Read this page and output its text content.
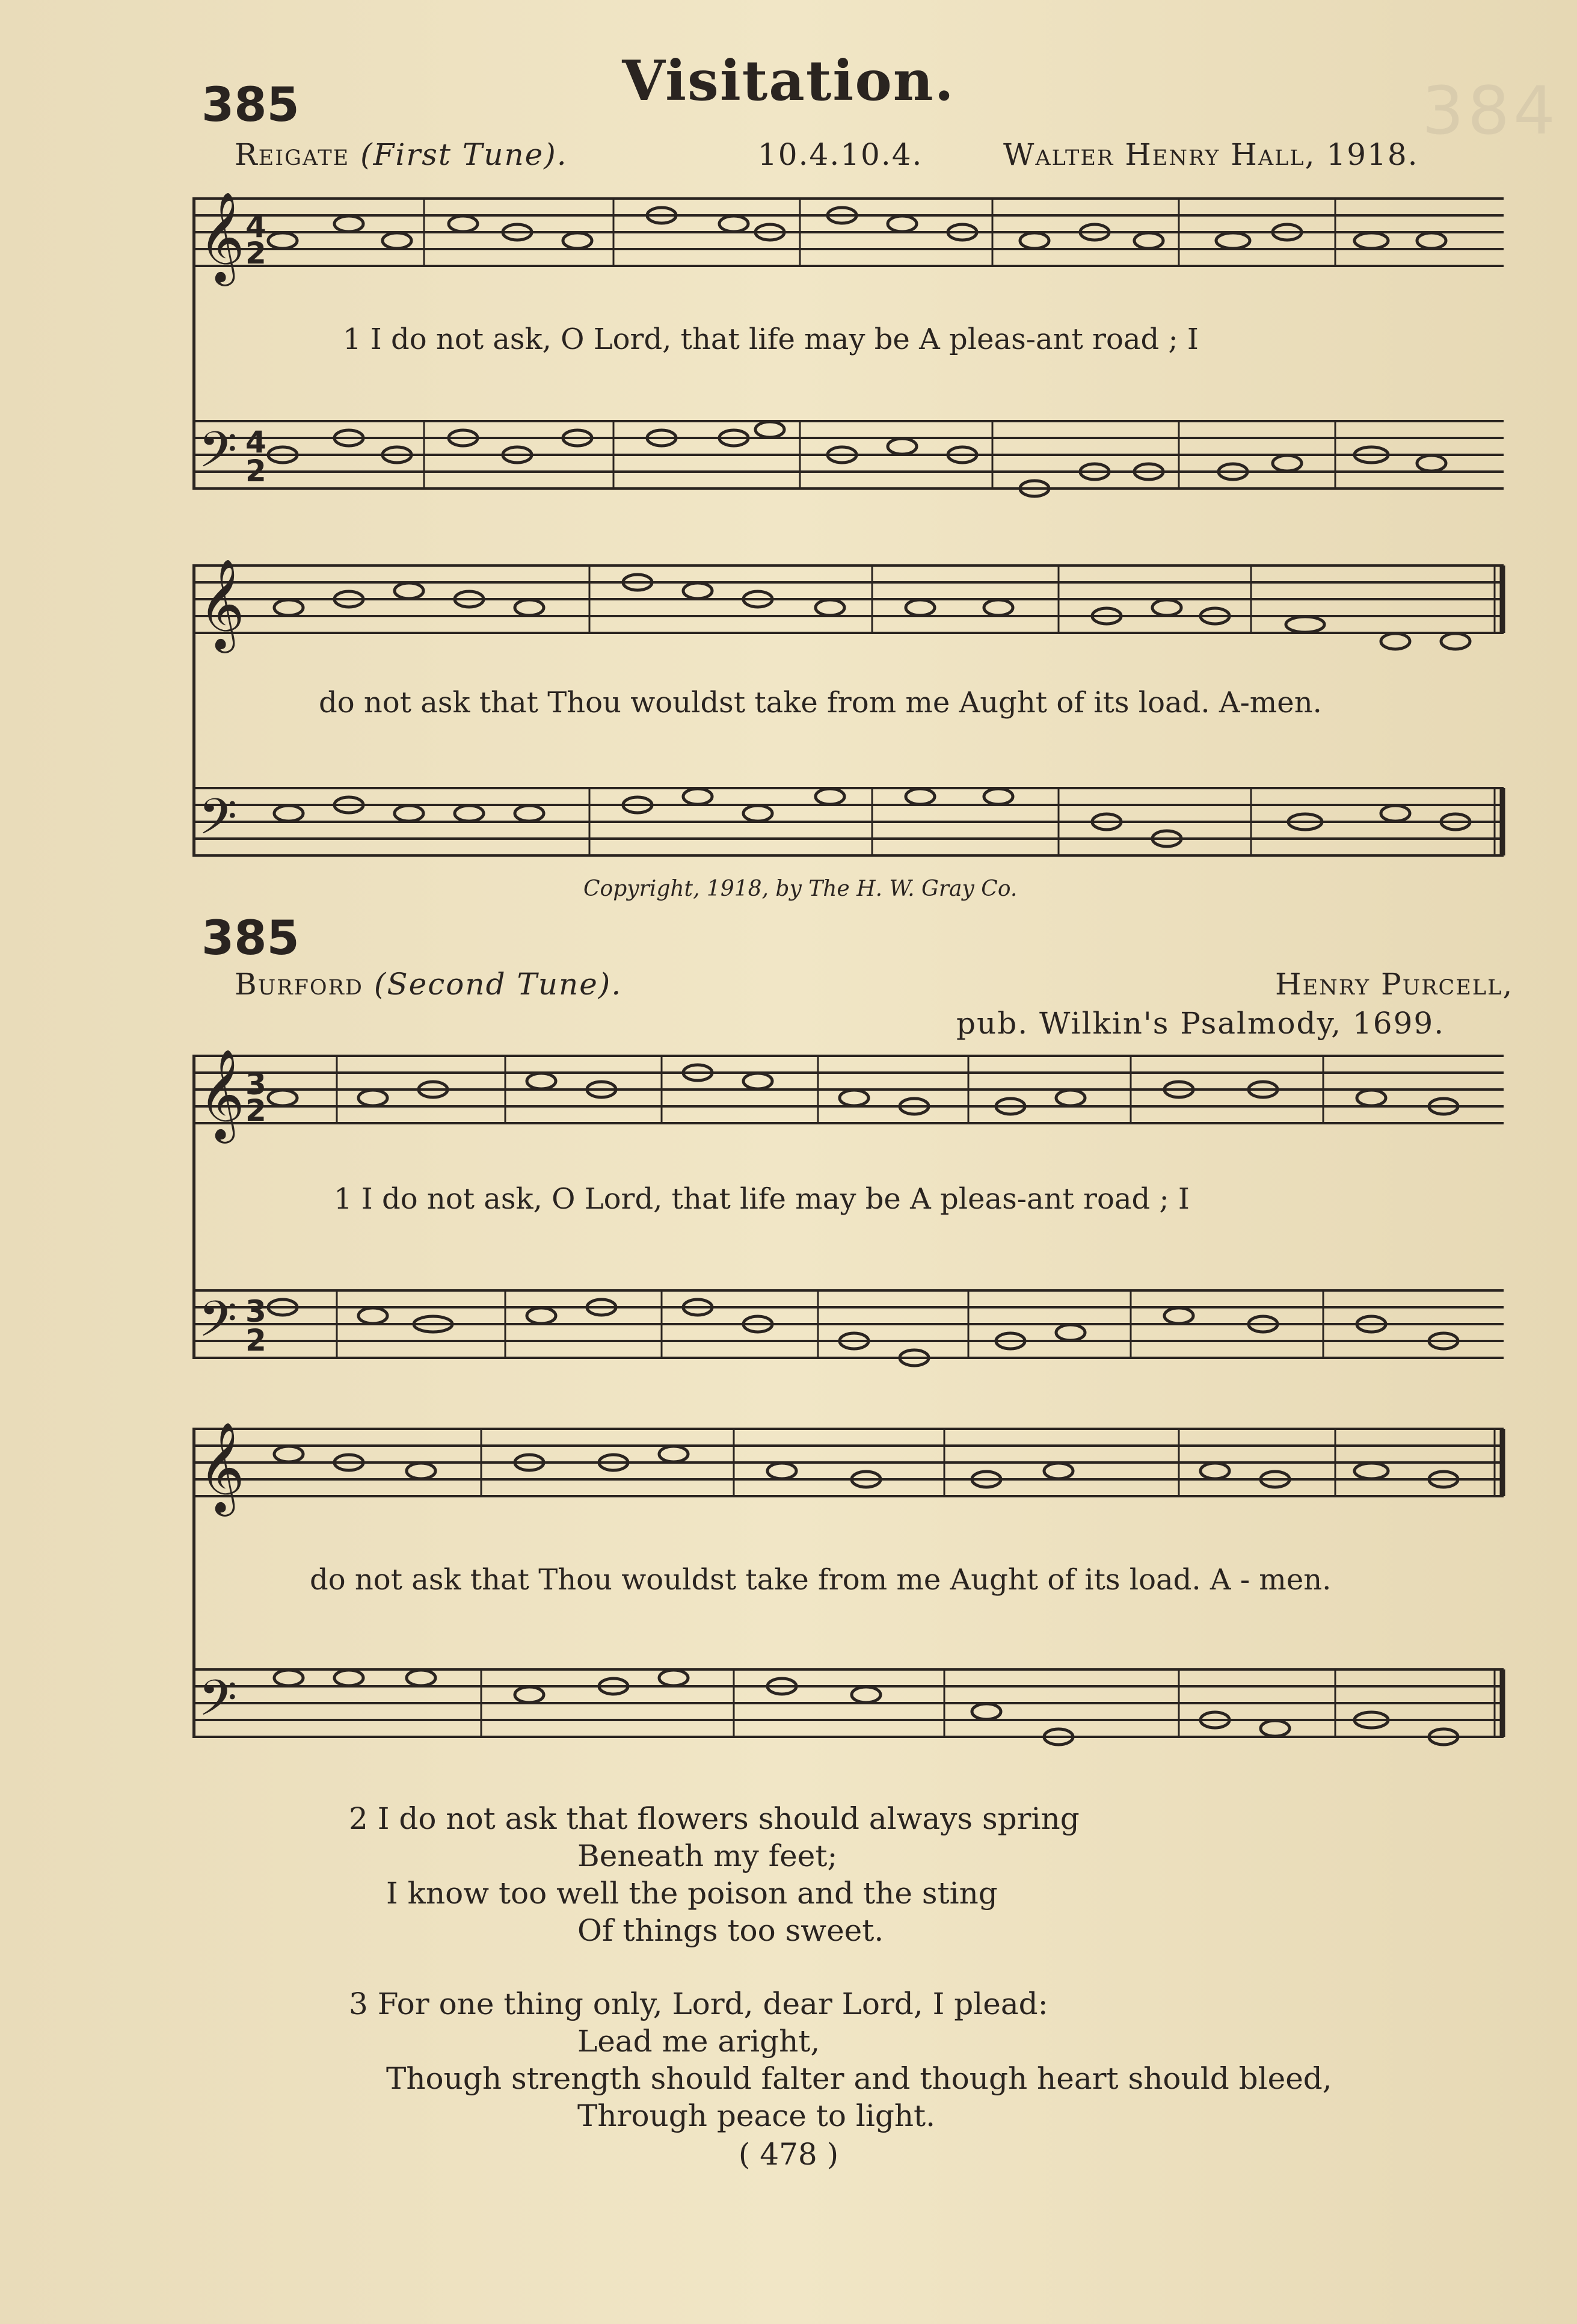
384
Visitation.
385
Reigate (First Tune).	10.4.10.4.	Walter Henry Hall, 1918.
𝄞
𝄢
𝄞
𝄢
4
2
4
2
1 I do not ask, O Lord, that life may be A pleas-ant road ; I
do not ask that Thou wouldst take from me Aught of its load. A-men.
Copyright, 1918, by The H. W. Gray Co.
385
Burford (Second Tune).	Henry Purcell,
pub. Wilkin's Psalmody, 1699.
𝄞
𝄢
𝄞
𝄢
3
2
3
2
1 I do not ask, O Lord, that life may be A pleas-ant road ; I
do not ask that Thou wouldst take from me Aught of its load. A - men.
2 I do not ask that flowers should always spring
Beneath my feet;
I know too well the poison and the sting
Of things too sweet.
3 For one thing only, Lord, dear Lord, I plead:
Lead me aright,
Though strength should falter and though heart should bleed,
Through peace to light.
( 478 )
